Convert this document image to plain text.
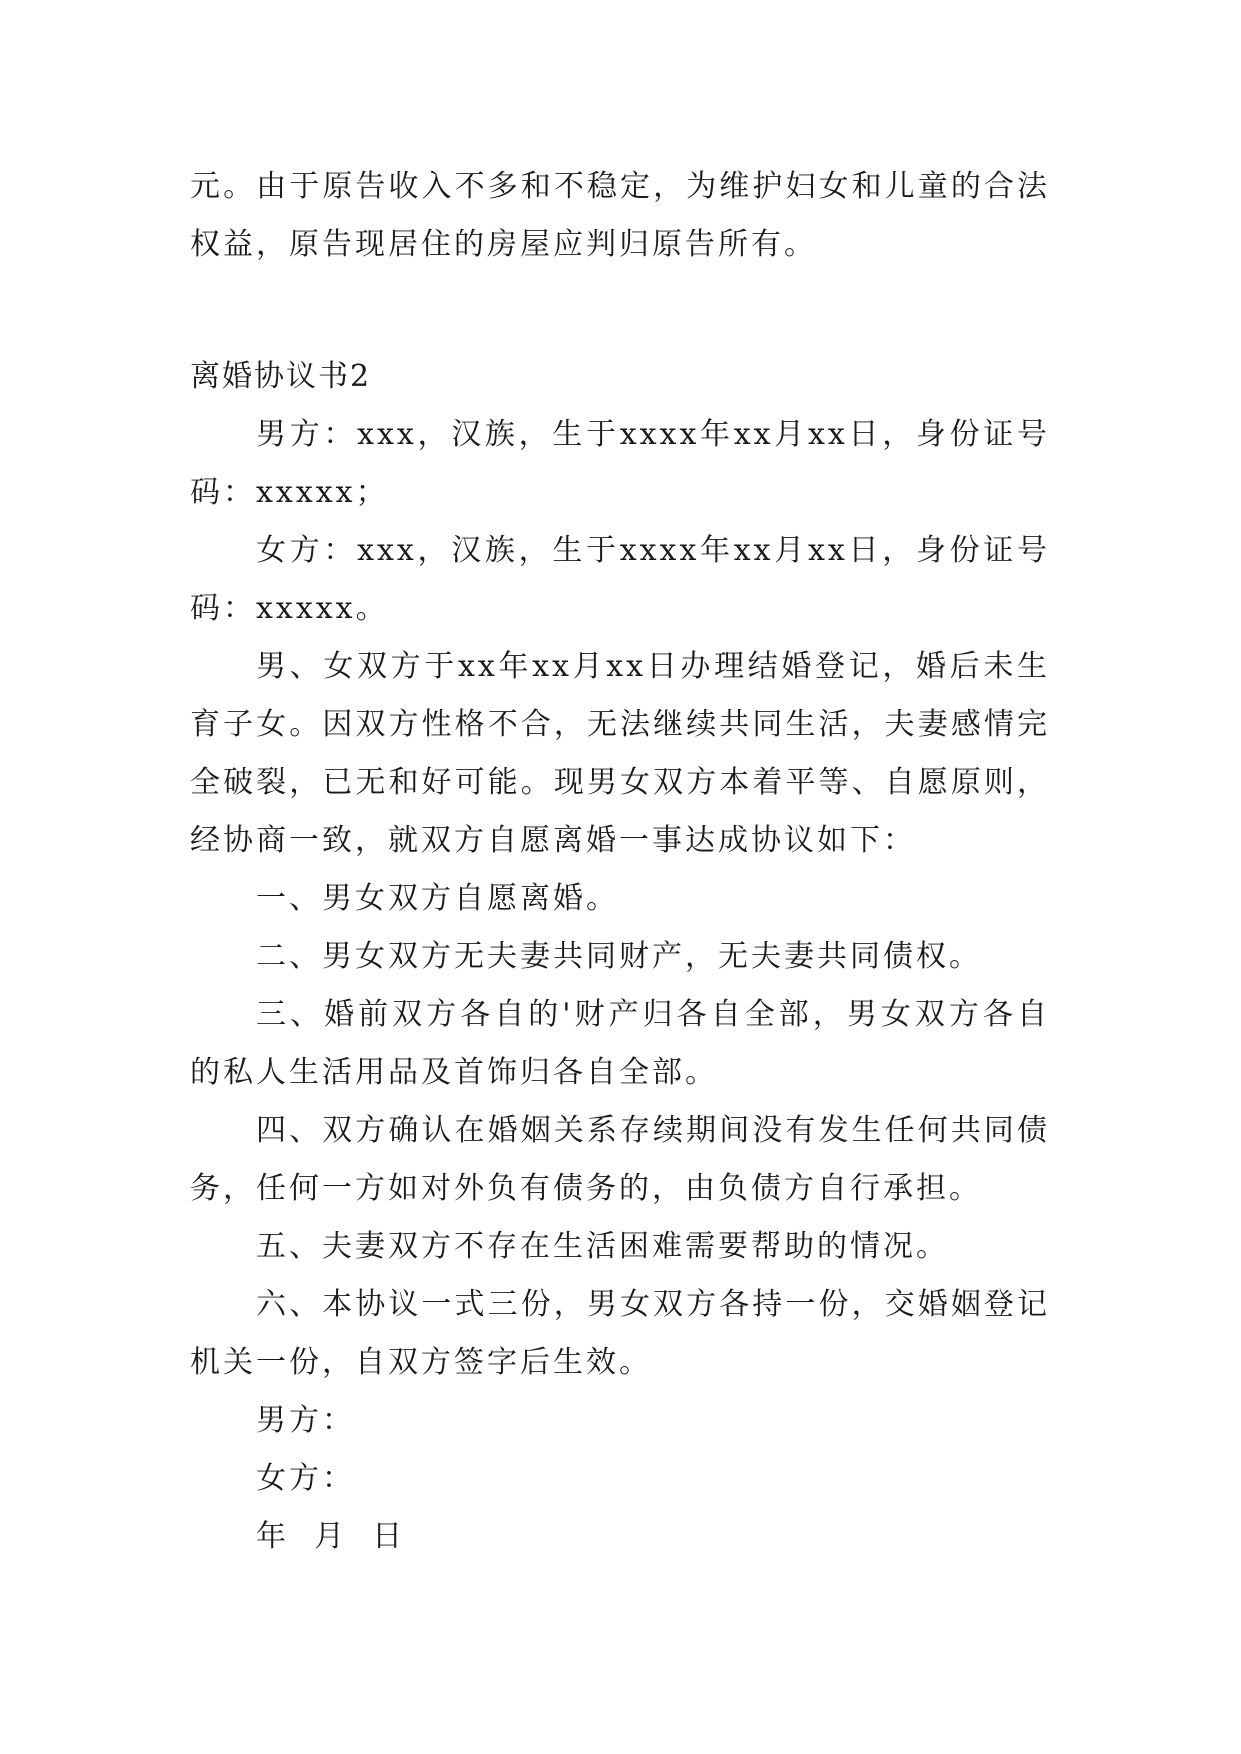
元。由于原告收入不多和不稳定，为维护妇女和儿童的合法权益，原告现居住的房屋应判归原告所有。

离婚协议书2

男方：xxx，汉族，生于xxxx年xx月xx日，身份证号码：xxxxx；

女方：xxx，汉族，生于xxxx年xx月xx日，身份证号码：xxxxx。

男、女双方于xx年xx月xx日办理结婚登记，婚后未生育子女。因双方性格不合，无法继续共同生活，夫妻感情完全破裂，已无和好可能。现男女双方本着平等、自愿原则，经协商一致，就双方自愿离婚一事达成协议如下：

一、男女双方自愿离婚。

二、男女双方无夫妻共同财产，无夫妻共同债权。

三、婚前双方各自的'财产归各自全部，男女双方各自的私人生活用品及首饰归各自全部。

四、双方确认在婚姻关系存续期间没有发生任何共同债务，任何一方如对外负有债务的，由负债方自行承担。

五、夫妻双方不存在生活困难需要帮助的情况。

六、本协议一式三份，男女双方各持一份，交婚姻登记机关一份，自双方签字后生效。

男方：

女方：

年  月  日
